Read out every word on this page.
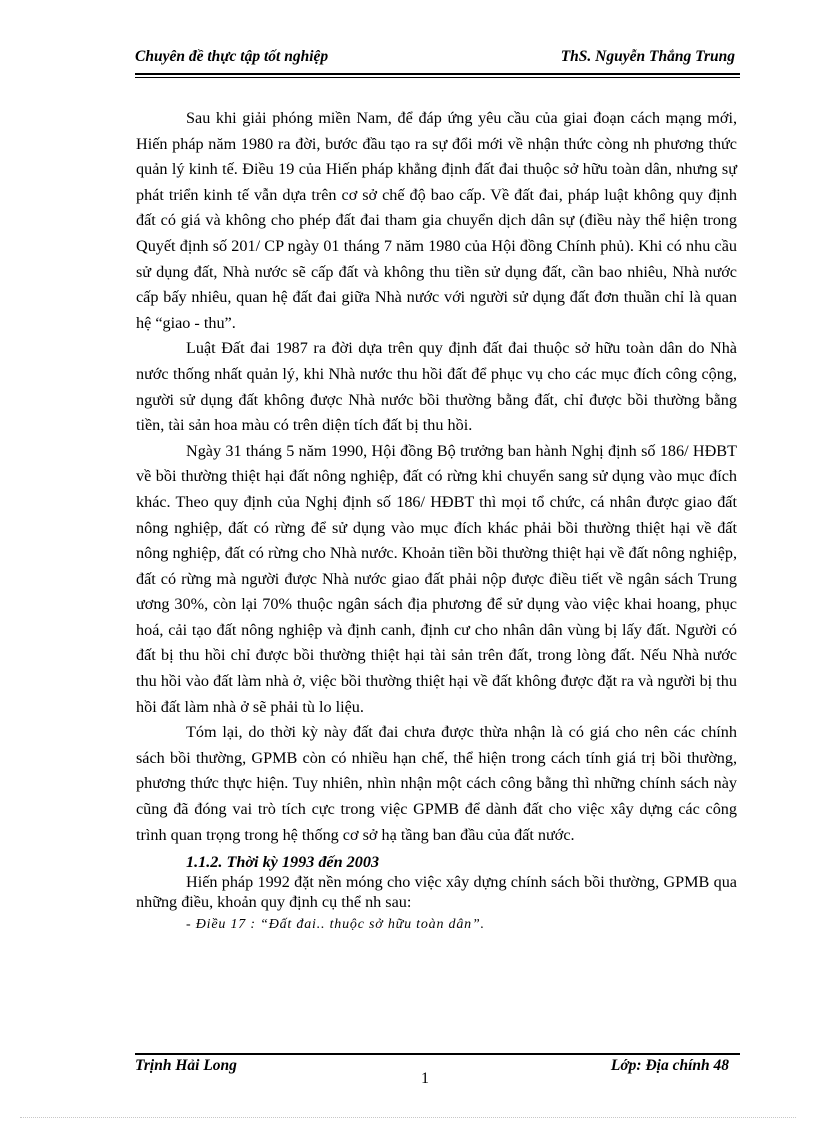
Chuyên đề thực tập tốt nghiệp	ThS. Nguyễn Thắng Trung

Sau khi giải phóng miền Nam, để đáp ứng yêu cầu của giai đoạn cách mạng mới, Hiến pháp năm 1980 ra đời, bước đầu tạo ra sự đổi mới về nhận thức còng nh phương thức quản lý kinh tế. Điều 19 của Hiến pháp khẳng định đất đai thuộc sở hữu toàn dân, nhưng sự phát triển kinh tế vẫn dựa trên cơ sở chế độ bao cấp. Về đất đai, pháp luật không quy định đất có giá và không cho phép đất đai tham gia chuyển dịch dân sự (điều này thể hiện trong Quyết định số 201/ CP ngày 01 tháng 7 năm 1980 của Hội đồng Chính phủ). Khi có nhu cầu sử dụng đất, Nhà nước sẽ cấp đất và không thu tiền sử dụng đất, cần bao nhiêu, Nhà nước cấp bấy nhiêu, quan hệ đất đai giữa Nhà nước với người sử dụng đất đơn thuần chỉ là quan hệ “giao - thu”.

Luật Đất đai 1987 ra đời dựa trên quy định đất đai thuộc sở hữu toàn dân do Nhà nước thống nhất quản lý, khi Nhà nước thu hồi đất để phục vụ cho các mục đích công cộng, người sử dụng đất không được Nhà nước bồi thường bằng đất, chỉ được bồi thường bằng tiền, tài sản hoa màu có trên diện tích đất bị thu hồi.

Ngày 31 tháng 5 năm 1990, Hội đồng Bộ trưởng ban hành Nghị định số 186/ HĐBT về bồi thường thiệt hại đất nông nghiệp, đất có rừng khi chuyển sang sử dụng vào mục đích khác. Theo quy định của Nghị định số 186/ HĐBT thì mọi tổ chức, cá nhân được giao đất nông nghiệp, đất có rừng để sử dụng vào mục đích khác phải bồi thường thiệt hại về đất nông nghiệp, đất có rừng cho Nhà nước. Khoản tiền bồi thường thiệt hại về đất nông nghiệp, đất có rừng mà người được Nhà nước giao đất phải nộp được điều tiết về ngân sách Trung ương 30%, còn lại 70% thuộc ngân sách địa phương để sử dụng vào việc khai hoang, phục hoá, cải tạo đất nông nghiệp và định canh, định cư cho nhân dân vùng bị lấy đất. Người có đất bị thu hồi chỉ được bồi thường thiệt hại tài sản trên đất, trong lòng đất. Nếu Nhà nước thu hồi vào đất làm nhà ở, việc bồi thường thiệt hại về đất không được đặt ra và người bị thu hồi đất làm nhà ở sẽ phải tù lo liệu.

Tóm lại, do thời kỳ này đất đai chưa được thừa nhận là có giá cho nên các chính sách bồi thường, GPMB còn có nhiều hạn chế, thể hiện trong cách tính giá trị bồi thường, phương thức thực hiện. Tuy nhiên, nhìn nhận một cách công bằng thì những chính sách này cũng đã đóng vai trò tích cực trong việc GPMB để dành đất cho việc xây dựng các công trình quan trọng trong hệ thống cơ sở hạ tầng ban đầu của đất nước.

1.1.2. Thời kỳ 1993 đến 2003

Hiến pháp 1992 đặt nền móng cho việc xây dựng chính sách bồi thường, GPMB qua những điều, khoản quy định cụ thể nh sau:

- Điều 17 : “Đất đai.. thuộc sở hữu toàn dân”.
Trịnh Hải Long	Lớp: Địa chính 48
1
